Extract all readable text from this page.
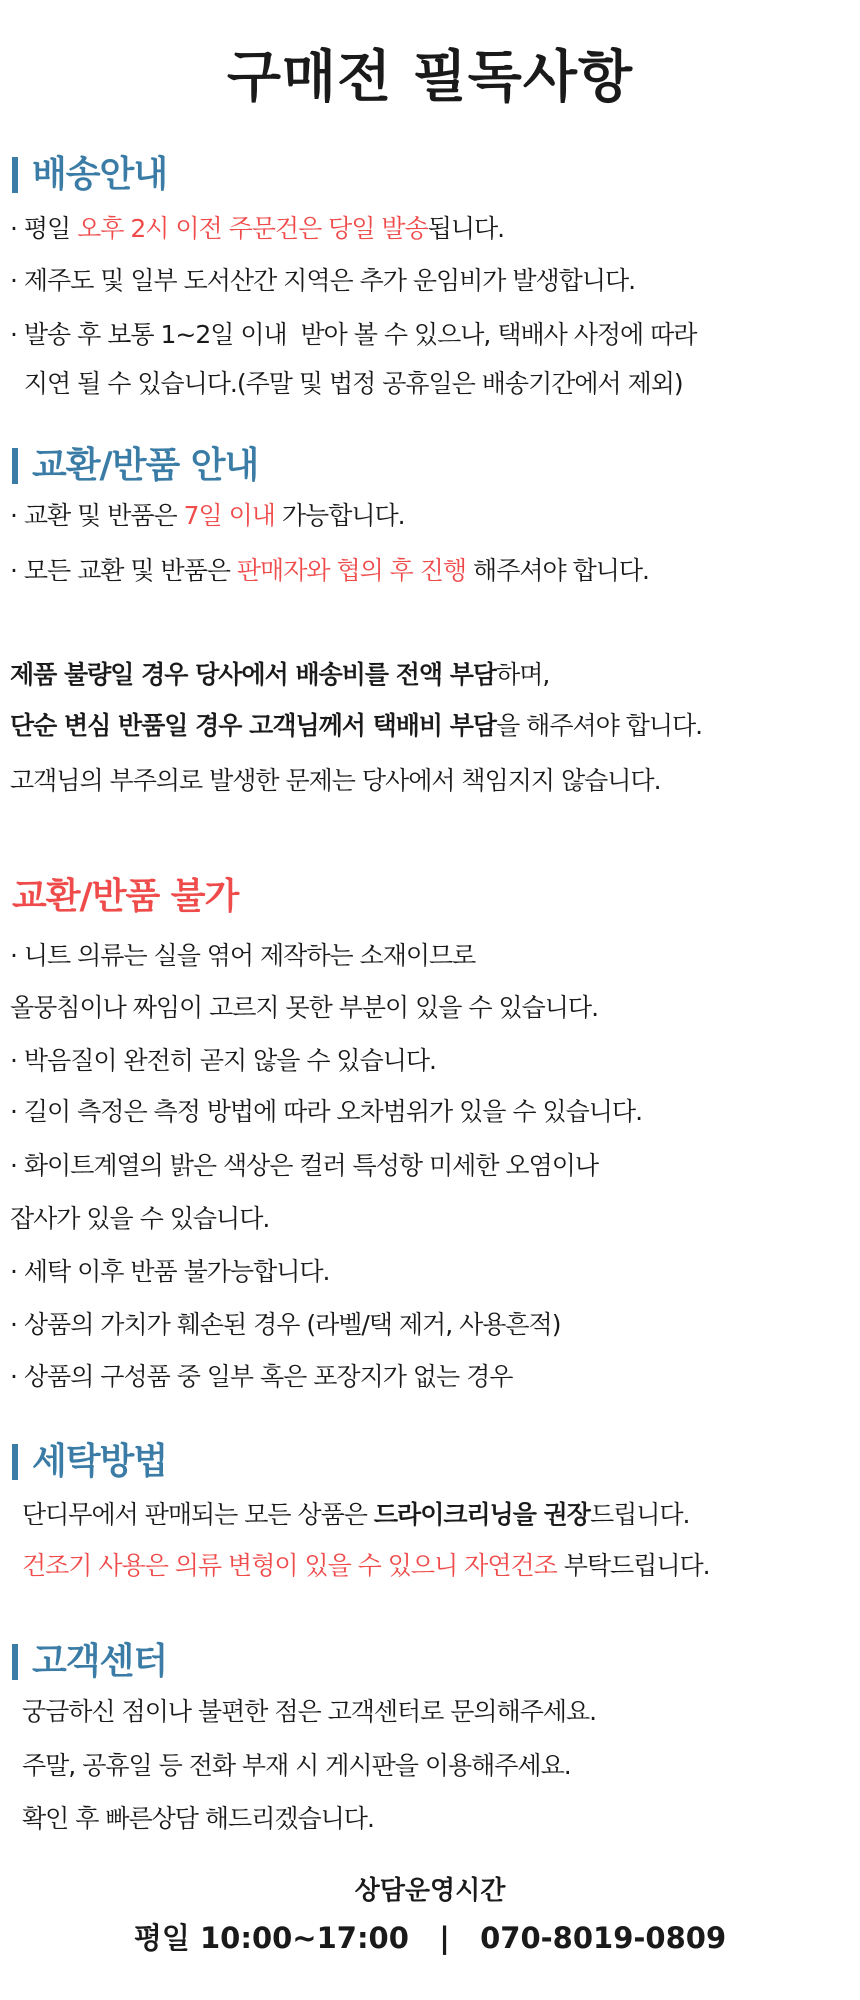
구매전 필독사항
배송안내
· 평일 오후 2시 이전 주문건은 당일 발송됩니다.
· 제주도 및 일부 도서산간 지역은 추가 운임비가 발생합니다.
· 발송 후 보통 1~2일 이내  받아 볼 수 있으나, 택배사 사정에 따라
지연 될 수 있습니다.(주말 및 법정 공휴일은 배송기간에서 제외)
교환/반품 안내
· 교환 및 반품은 7일 이내 가능합니다.
· 모든 교환 및 반품은 판매자와 협의 후 진행 해주셔야 합니다.
제품 불량일 경우 당사에서 배송비를 전액 부담하며,
단순 변심 반품일 경우 고객님께서 택배비 부담을 해주셔야 합니다.
고객님의 부주의로 발생한 문제는 당사에서 책임지지 않습니다.
교환/반품 불가
· 니트 의류는 실을 엮어 제작하는 소재이므로
올뭉침이나 짜임이 고르지 못한 부분이 있을 수 있습니다.
· 박음질이 완전히 곧지 않을 수 있습니다.
· 길이 측정은 측정 방법에 따라 오차범위가 있을 수 있습니다.
· 화이트계열의 밝은 색상은 컬러 특성항 미세한 오염이나
잡사가 있을 수 있습니다.
· 세탁 이후 반품 불가능합니다.
· 상품의 가치가 훼손된 경우 (라벨/택 제거, 사용흔적)
· 상품의 구성품 중 일부 혹은 포장지가 없는 경우
세탁방법
단디무에서 판매되는 모든 상품은 드라이크리닝을 권장드립니다.
건조기 사용은 의류 변형이 있을 수 있으니 자연건조 부탁드립니다.
고객센터
궁금하신 점이나 불편한 점은 고객센터로 문의해주세요.
주말, 공휴일 등 전화 부재 시 게시판을 이용해주세요.
확인 후 빠른상담 해드리겠습니다.
상담운영시간
평일 10:00~17:00   |   070-8019-0809
